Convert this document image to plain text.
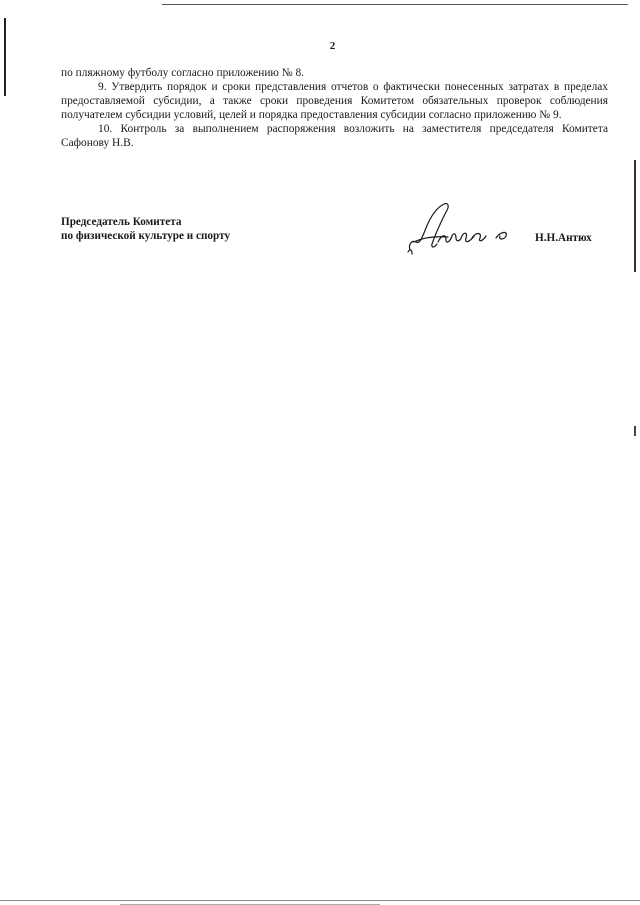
2

по пляжному футболу согласно приложению № 8.

9. Утвердить порядок и сроки представления отчетов о фактически понесенных затратах в пределах предоставляемой субсидии, а также сроки проведения Комитетом обязательных проверок соблюдения получателем субсидии условий, целей и порядка предоставления субсидии согласно приложению № 9.

10. Контроль за выполнением распоряжения возложить на заместителя председателя Комитета Сафонову Н.В.

Председатель Комитета
по физической культуре и спорту	Н.Н.Антюх
